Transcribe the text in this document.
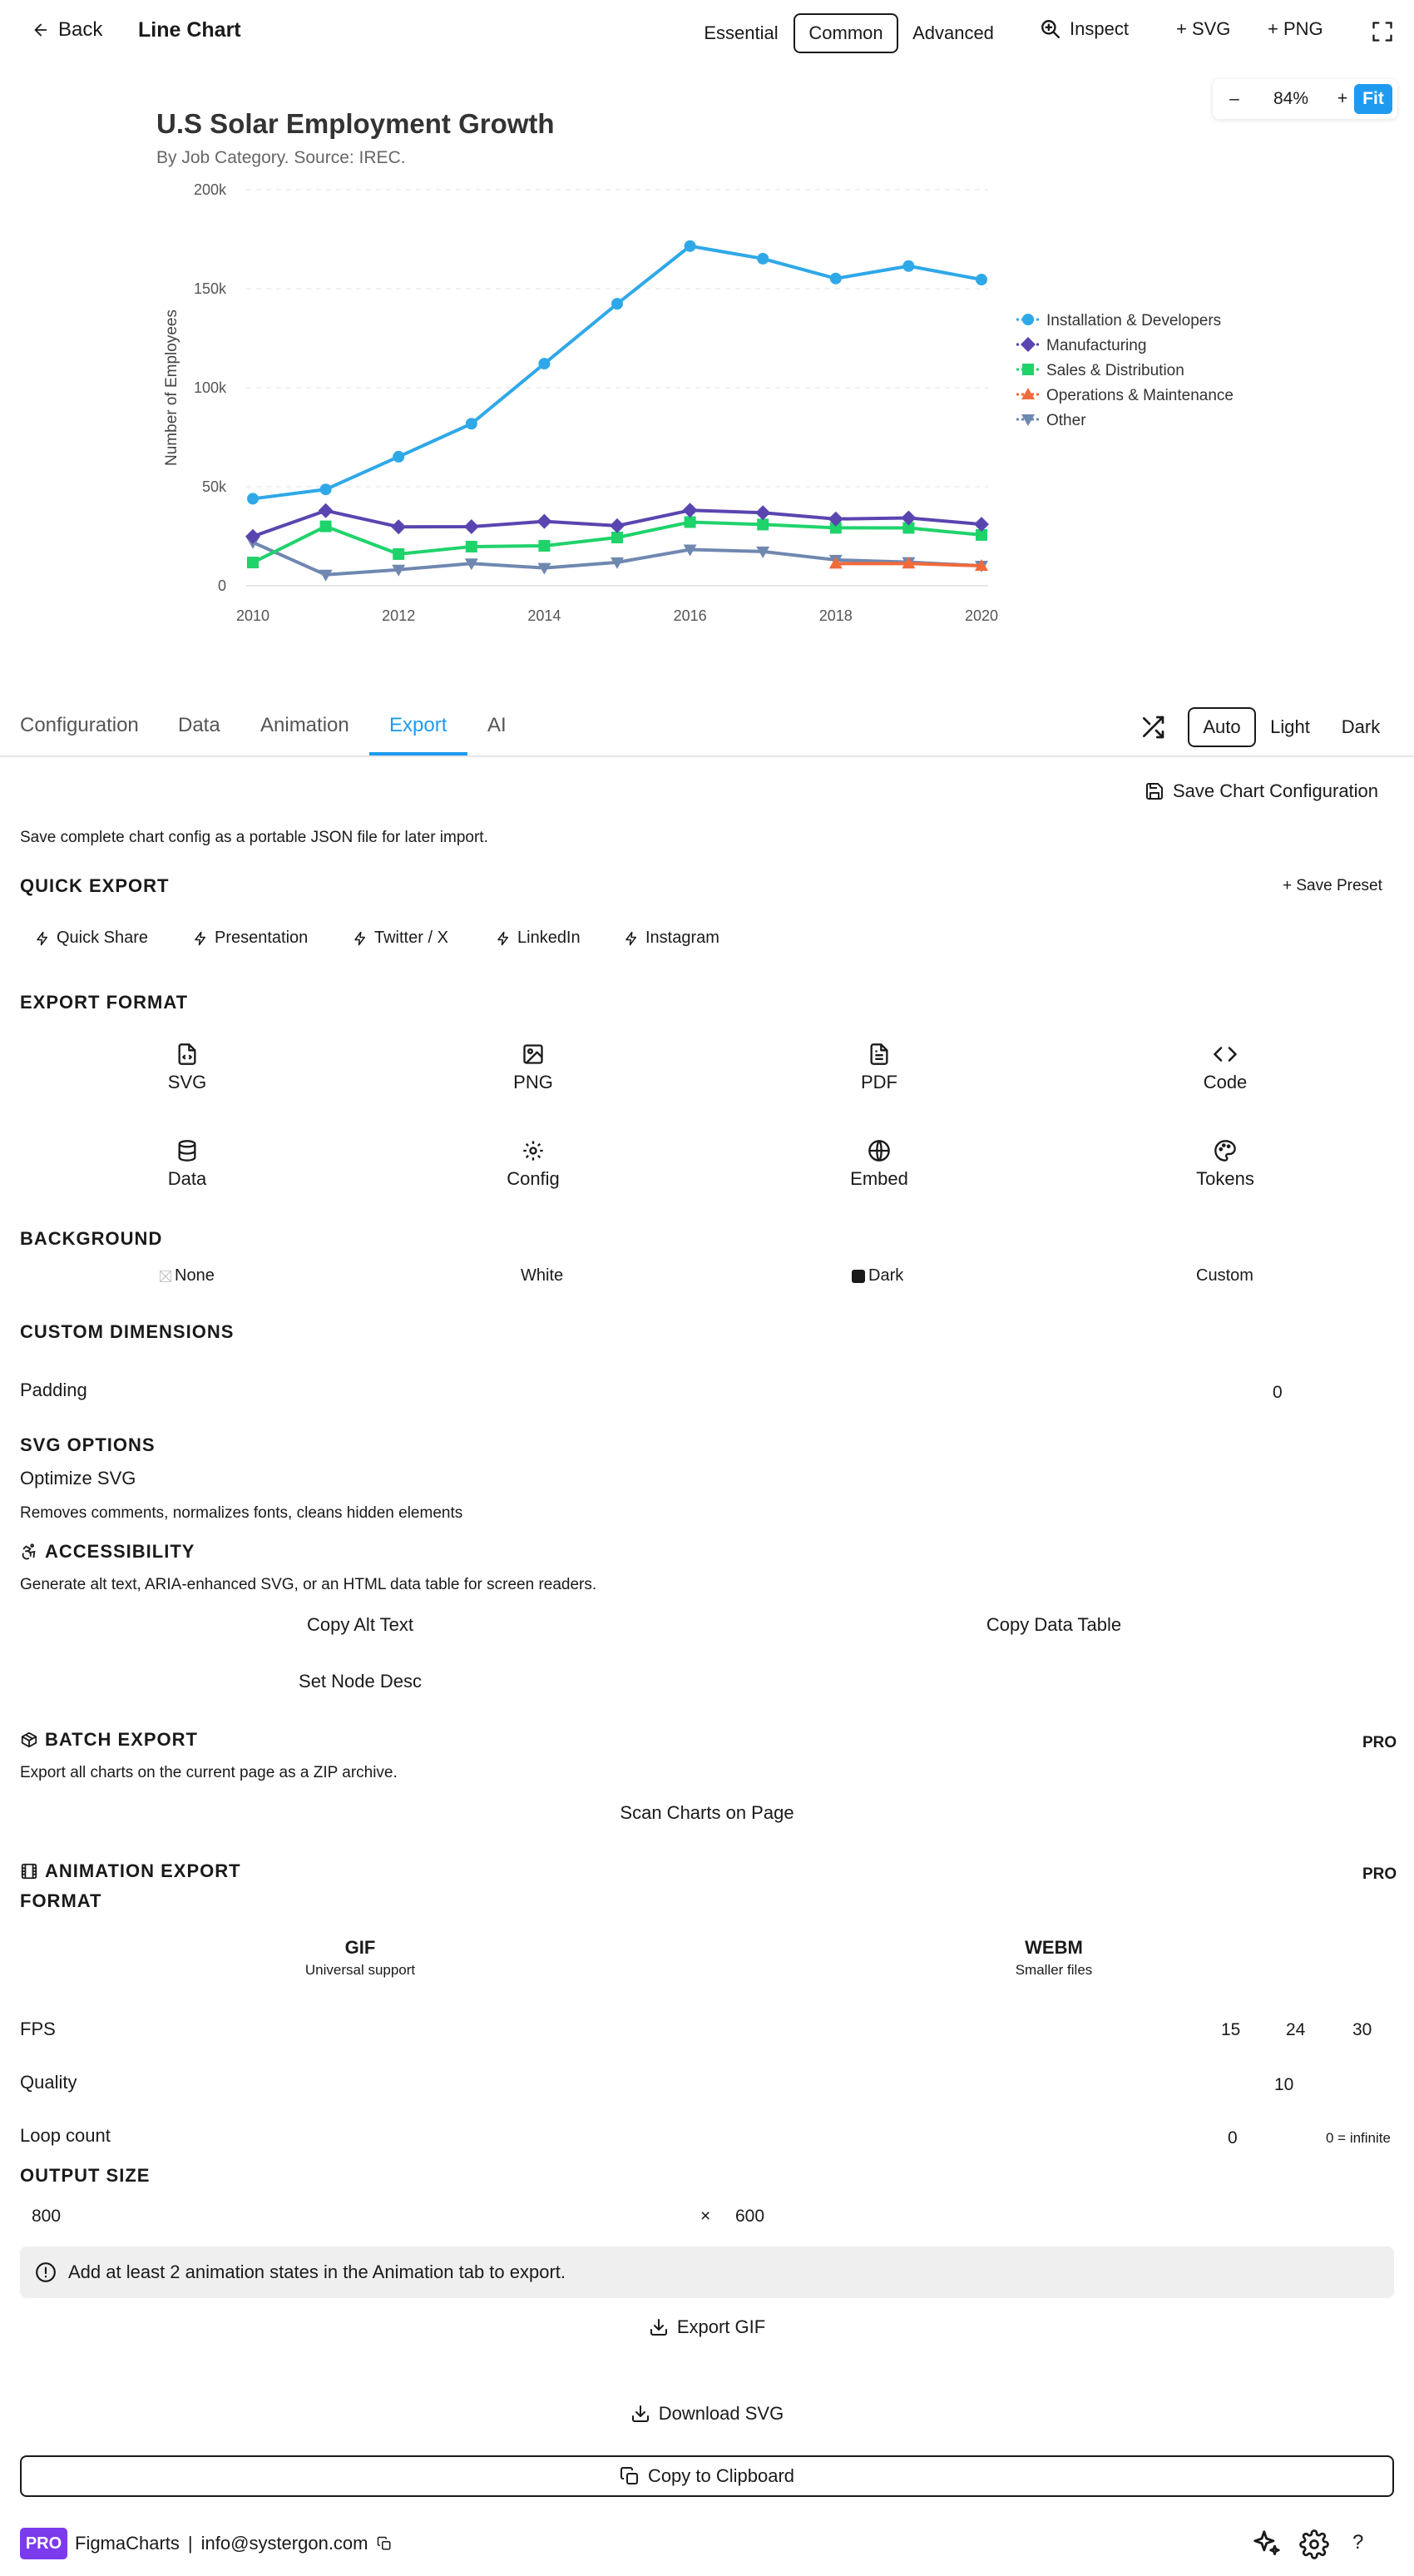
Back Line Chart	Essential	Common	Advanced	Inspect	+ SVG + PNG
–	84%	+ Fit
U.S Solar Employment Growth
By Job Category. Source: IREC.
0
50k
100k
150k
200k
2010	2012	2014	2016	2018	2020
Number of Employees	Installation & Developers
Manufacturing
Sales & Distribution
Operations & Maintenance
Other
Configuration Data Animation Export AI	Auto	Light	Dark
Save Chart Configuration
Save complete chart config as a portable JSON file for later import.
QUICK EXPORT	+ Save Preset
Quick Share	Presentation	Twitter / X	LinkedIn	Instagram
EXPORT FORMAT
SVG	PNG	PDF	Code
Data	Config	Embed	Tokens
BACKGROUND
None	White	Dark	Custom
CUSTOM DIMENSIONS
Padding	0
SVG OPTIONS
Optimize SVG
Removes comments, normalizes fonts, cleans hidden elements
ACCESSIBILITY
Generate alt text, ARIA-enhanced SVG, or an HTML data table for screen readers.
Copy Alt Text	Copy Data Table
Set Node Desc
BATCH EXPORT	PRO
Export all charts on the current page as a ZIP archive.
Scan Charts on Page
ANIMATION EXPORT	PRO
FORMAT
GIF
Universal support
WEBM
Smaller files
FPS	15	24	30
Quality	10
Loop count	0	0 = infinite
OUTPUT SIZE
800	× 600
Add at least 2 animation states in the Animation tab to export.
Export GIF
Download SVG
Copy to Clipboard
PRO FigmaCharts | info@systergon.com	?
